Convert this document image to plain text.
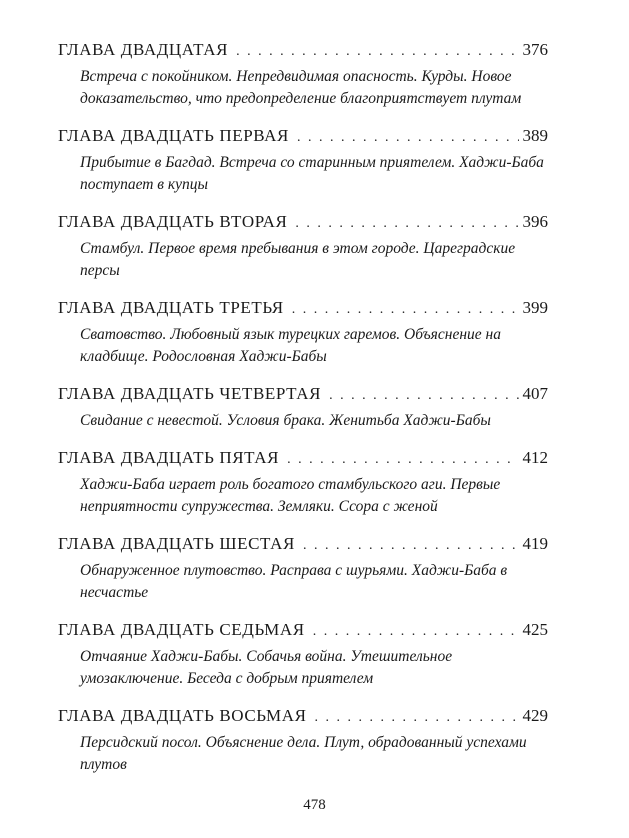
ГЛАВА ДВАДЦАТАЯ . . .	376
Встреча с покойником. Непредвидимая опасность. Курды. Новое доказательство, что предопределение благоприятствует плутам
ГЛАВА ДВАДЦАТЬ ПЕРВАЯ . . .	389
Прибытие в Багдад. Встреча со старинным приятелем. Хаджи-Баба поступает в купцы
ГЛАВА ДВАДЦАТЬ ВТОРАЯ . . .	396
Стамбул. Первое время пребывания в этом городе. Цареградские персы
ГЛАВА ДВАДЦАТЬ ТРЕТЬЯ . . .	399
Сватовство. Любовный язык турецких гаремов. Объяснение на кладбище. Родословная Хаджи-Бабы
ГЛАВА ДВАДЦАТЬ ЧЕТВЕРТАЯ . . .	407
Свидание с невестой. Условия брака. Женитьба Хаджи-Бабы
ГЛАВА ДВАДЦАТЬ ПЯТАЯ . . .	412
Хаджи-Баба играет роль богатого стамбульского аги. Первые неприятности супружества. Земляки. Ссора с женой
ГЛАВА ДВАДЦАТЬ ШЕСТАЯ . . .	419
Обнаруженное плутовство. Расправа с шурьями. Хаджи-Баба в несчастье
ГЛАВА ДВАДЦАТЬ СЕДЬМАЯ . . .	425
Отчаяние Хаджи-Бабы. Собачья война. Утешительное умозаключение. Беседа с добрым приятелем
ГЛАВА ДВАДЦАТЬ ВОСЬМАЯ . . .	429
Персидский посол. Объяснение дела. Плут, обрадованный успехами плутов
478
